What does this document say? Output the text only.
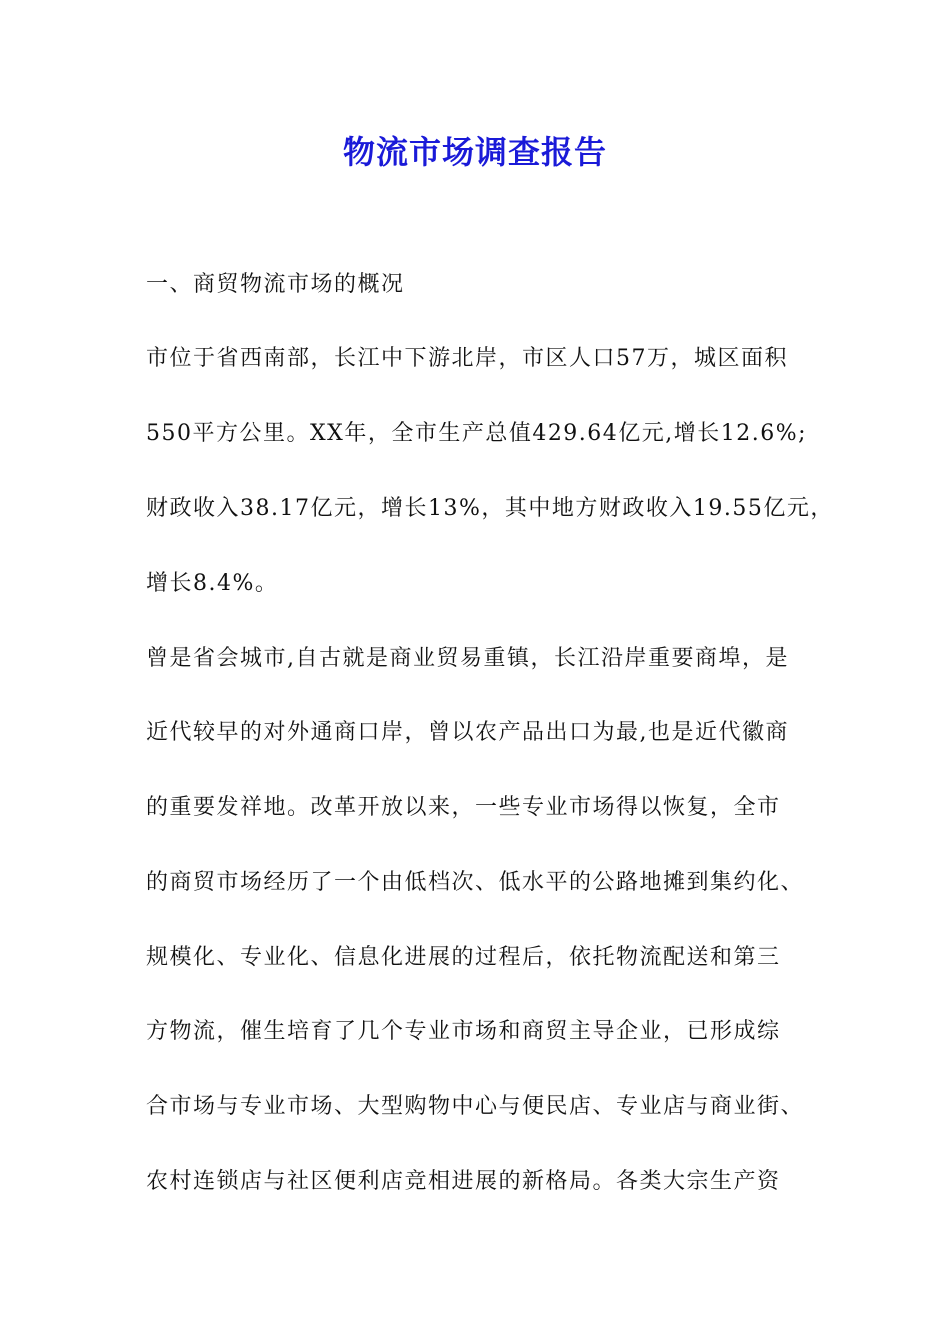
物流市场调查报告
一、商贸物流市场的概况
市位于省西南部，长江中下游北岸，市区人口57万，城区面积
550平方公里。XX年，全市生产总值429.64亿元,增长12.6%;
财政收入38.17亿元，增长13%，其中地方财政收入19.55亿元，
增长8.4%。
曾是省会城市,自古就是商业贸易重镇，长江沿岸重要商埠，是
近代较早的对外通商口岸，曾以农产品出口为最,也是近代徽商
的重要发祥地。改革开放以来，一些专业市场得以恢复，全市
的商贸市场经历了一个由低档次、低水平的公路地摊到集约化、
规模化、专业化、信息化进展的过程后，依托物流配送和第三
方物流，催生培育了几个专业市场和商贸主导企业，已形成综
合市场与专业市场、大型购物中心与便民店、专业店与商业街、
农村连锁店与社区便利店竞相进展的新格局。各类大宗生产资
